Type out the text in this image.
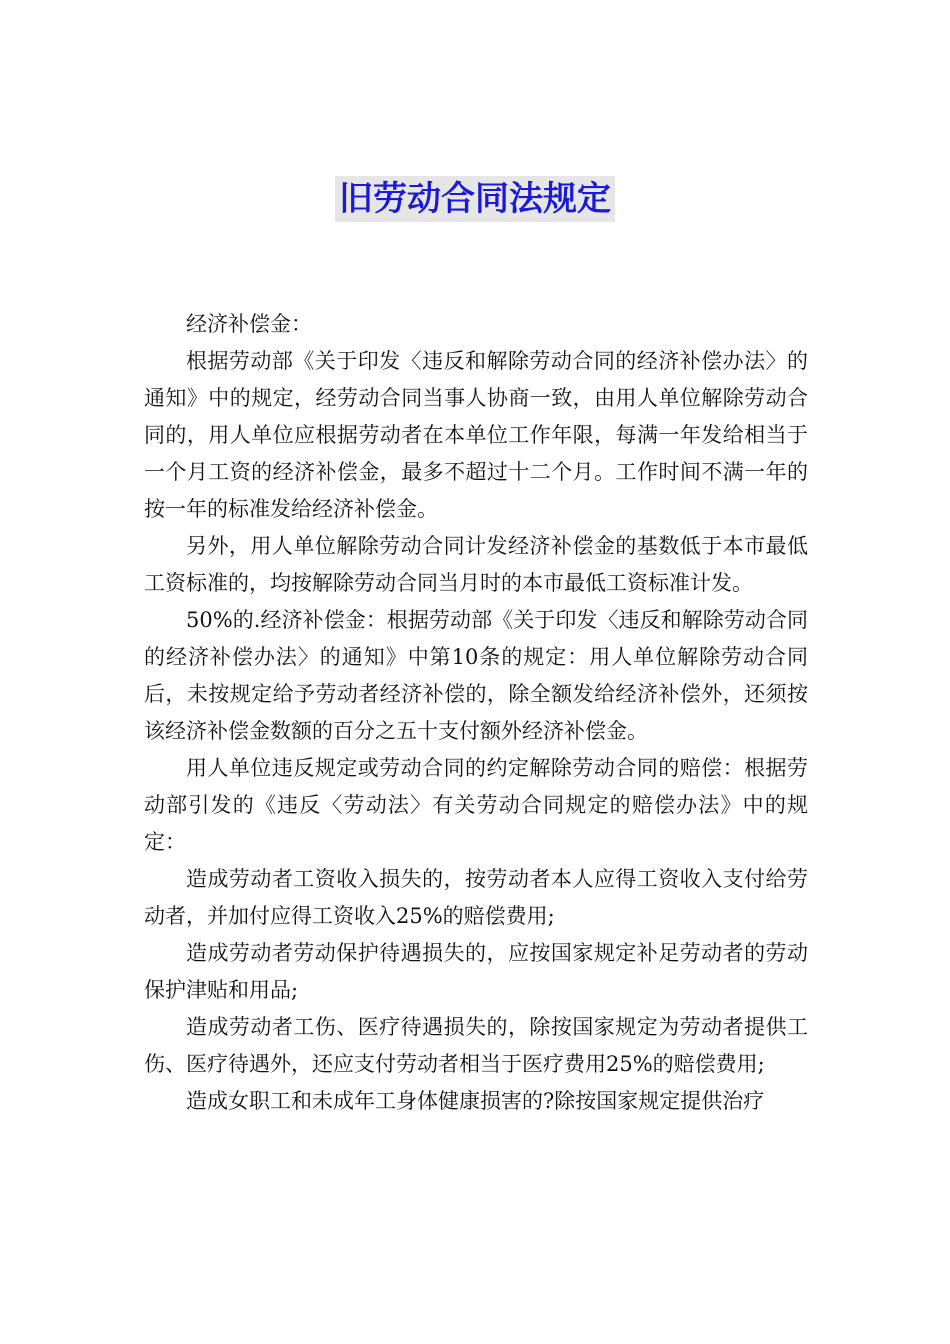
旧劳动合同法规定

经济补偿金：

根据劳动部《关于印发〈违反和解除劳动合同的经济补偿办法〉的通知》中的规定，经劳动合同当事人协商一致，由用人单位解除劳动合同的，用人单位应根据劳动者在本单位工作年限，每满一年发给相当于一个月工资的经济补偿金，最多不超过十二个月。工作时间不满一年的按一年的标准发给经济补偿金。

另外，用人单位解除劳动合同计发经济补偿金的基数低于本市最低工资标准的，均按解除劳动合同当月时的本市最低工资标准计发。

50%的.经济补偿金：根据劳动部《关于印发〈违反和解除劳动合同的经济补偿办法〉的通知》中第10条的规定：用人单位解除劳动合同后，未按规定给予劳动者经济补偿的，除全额发给经济补偿外，还须按该经济补偿金数额的百分之五十支付额外经济补偿金。

用人单位违反规定或劳动合同的约定解除劳动合同的赔偿：根据劳动部引发的《违反〈劳动法〉有关劳动合同规定的赔偿办法》中的规定：

造成劳动者工资收入损失的，按劳动者本人应得工资收入支付给劳动者，并加付应得工资收入25%的赔偿费用;

造成劳动者劳动保护待遇损失的，应按国家规定补足劳动者的劳动保护津贴和用品;

造成劳动者工伤、医疗待遇损失的，除按国家规定为劳动者提供工伤、医疗待遇外，还应支付劳动者相当于医疗费用25%的赔偿费用;

造成女职工和未成年工身体健康损害的?除按国家规定提供治疗
